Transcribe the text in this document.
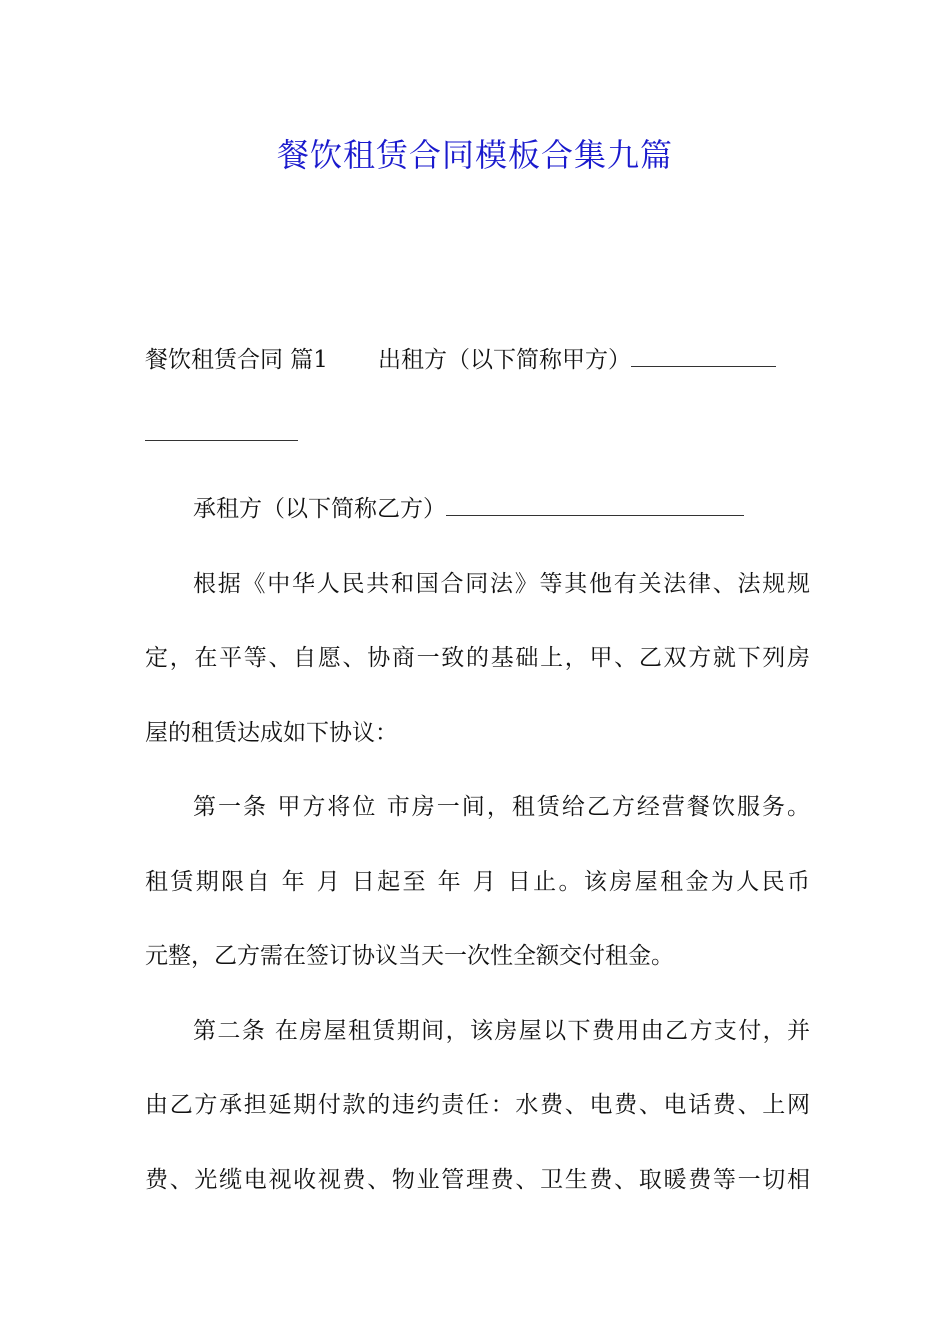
餐饮租赁合同模板合集九篇
餐饮租赁合同 篇1 出租方（以下简称甲方）
承租方（以下简称乙方）
根据《中华人民共和国合同法》等其他有关法律、法规规
定，在平等、自愿、协商一致的基础上，甲、乙双方就下列房
屋的租赁达成如下协议：
第一条 甲方将位 市房一间，租赁给乙方经营餐饮服务。
租赁期限自 年 月 日起至 年 月 日止。该房屋租金为人民币
元整，乙方需在签订协议当天一次性全额交付租金。
第二条 在房屋租赁期间，该房屋以下费用由乙方支付，并
由乙方承担延期付款的违约责任：水费、电费、电话费、上网
费、光缆电视收视费、物业管理费、卫生费、取暖费等一切相
